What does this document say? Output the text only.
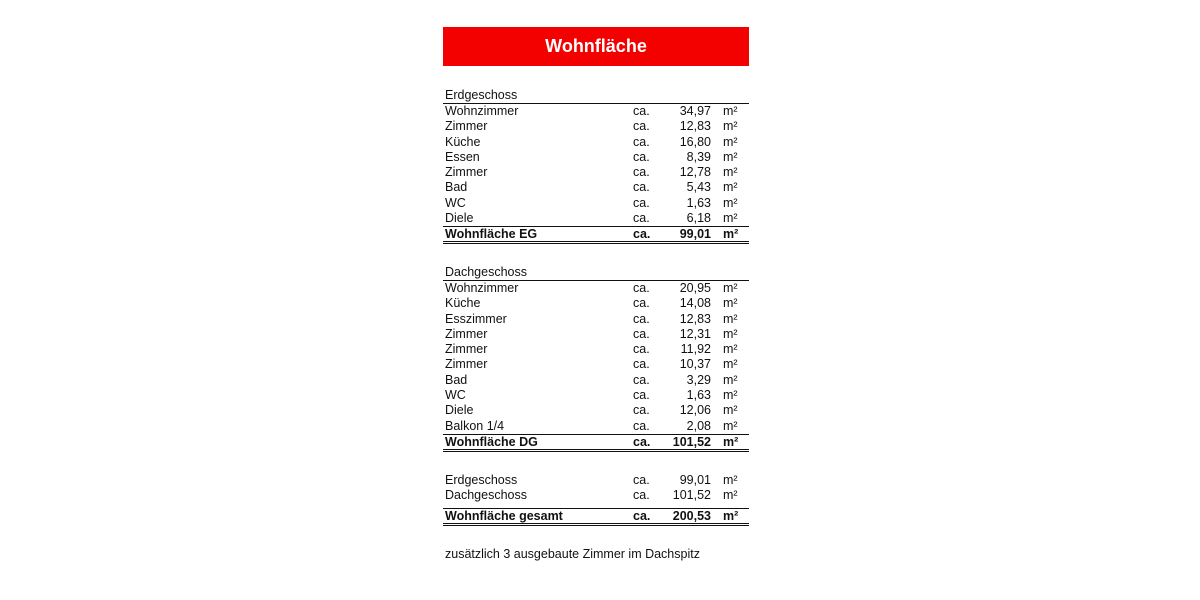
Wohnfläche
Erdgeschoss
Wohnzimmer	ca. 34,97 m²
Zimmer	ca. 12,83 m²
Küche	ca. 16,80 m²
Essen	ca.	8,39 m²
Zimmer	ca. 12,78 m²
Bad	ca.	5,43 m²
WC	ca.	1,63 m²
Diele	ca.	6,18 m²
Wohnfläche EG	ca. 99,01 m²
Dachgeschoss
Wohnzimmer	ca. 20,95 m²
Küche	ca. 14,08 m²
Esszimmer	ca. 12,83 m²
Zimmer	ca. 12,31 m²
Zimmer	ca. 11,92 m²
Zimmer	ca. 10,37 m²
Bad	ca.	3,29 m²
WC	ca.	1,63 m²
Diele	ca. 12,06 m²
Balkon 1/4	ca.	2,08 m²
Wohnfläche DG	ca. 101,52 m²
Erdgeschoss	ca. 99,01 m²
Dachgeschoss	ca. 101,52 m²
Wohnfläche gesamt	ca. 200,53 m²
zusätzlich 3 ausgebaute Zimmer im Dachspitz
